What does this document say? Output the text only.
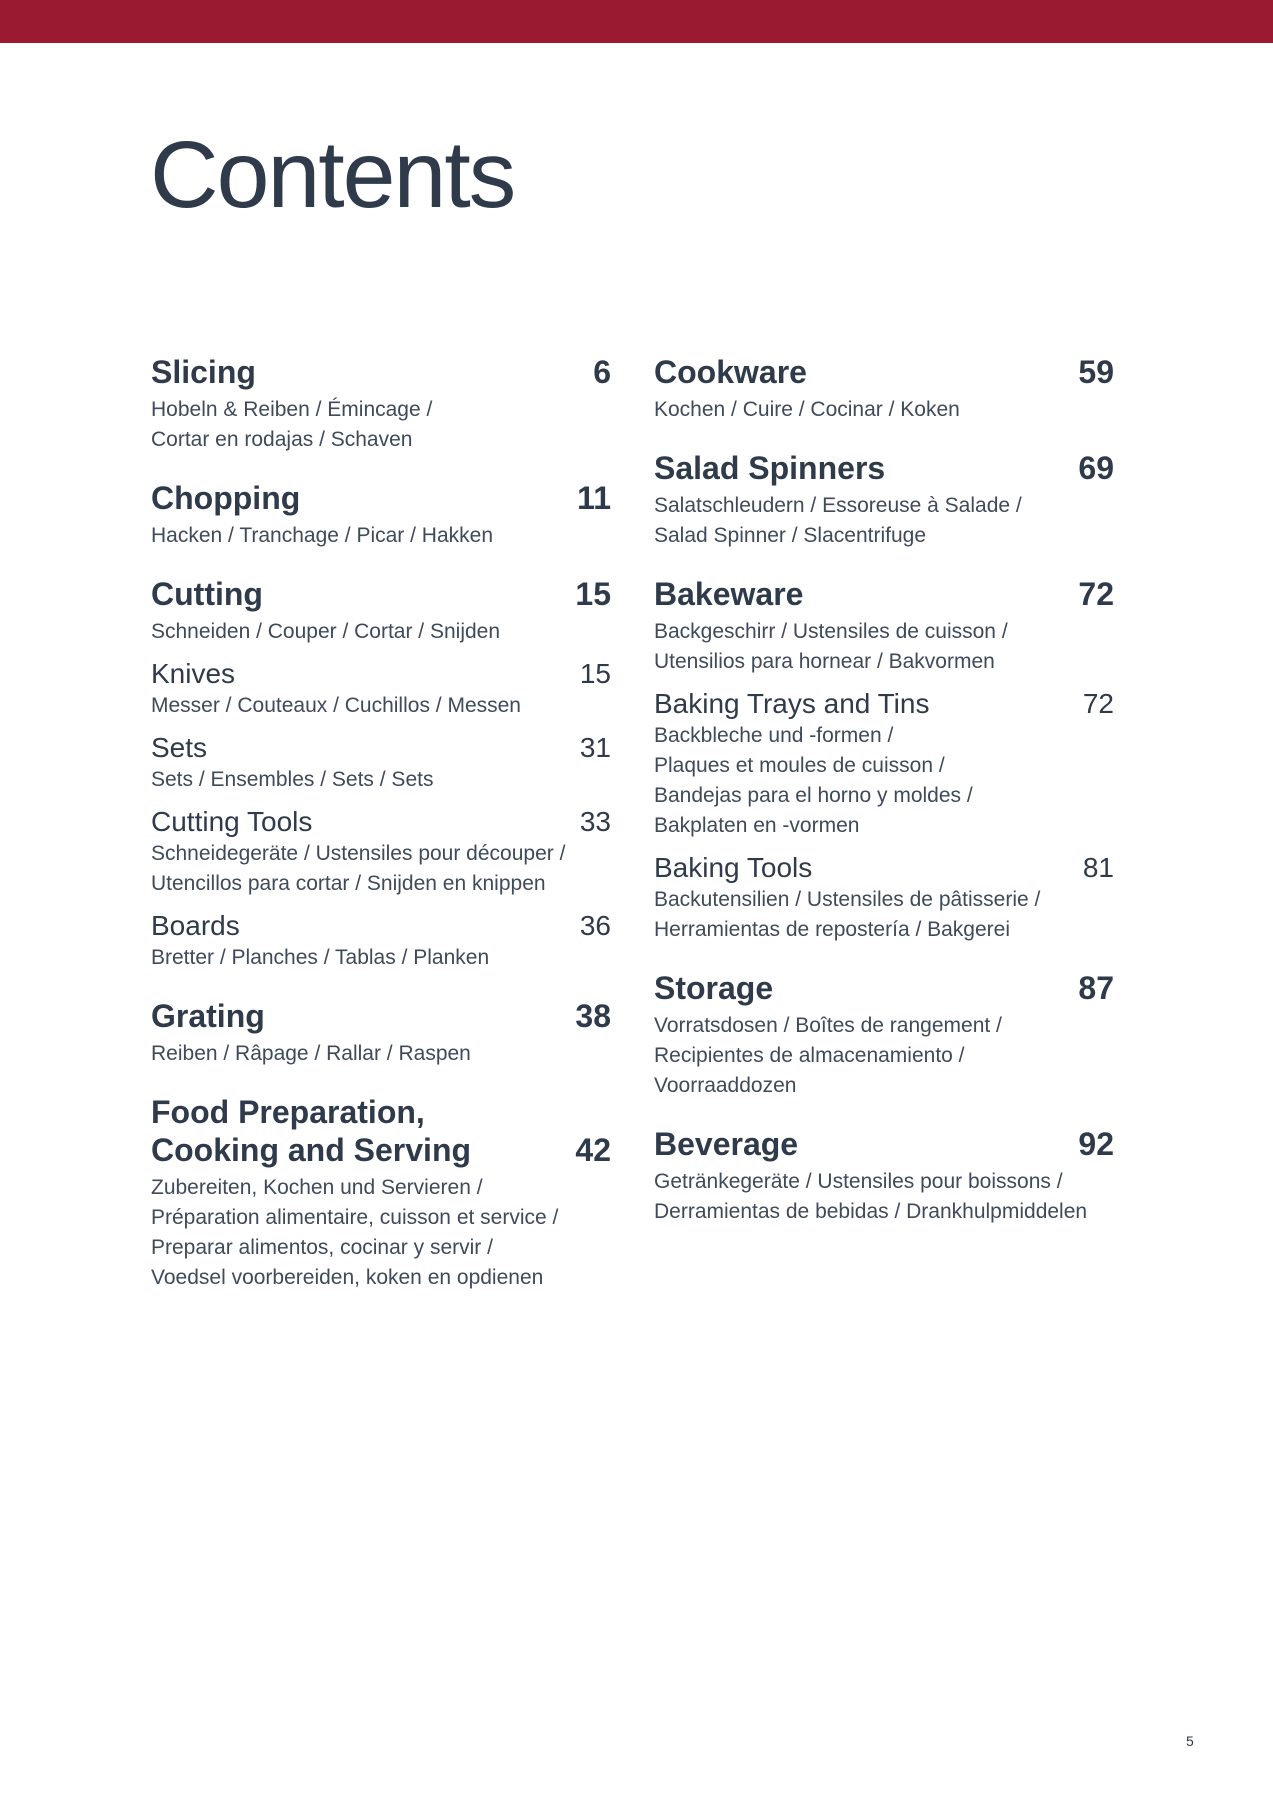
Contents
Slicing	6
Hobeln & Reiben / Émincage /
Cortar en rodajas / Schaven
Chopping	11
Hacken / Tranchage / Picar / Hakken
Cutting	15
Schneiden / Couper / Cortar / Snijden
Knives	15
Messer / Couteaux / Cuchillos / Messen
Sets	31
Sets / Ensembles / Sets / Sets
Cutting Tools	33
Schneidegeräte / Ustensiles pour découper /
Utencillos para cortar / Snijden en knippen
Boards	36
Bretter / Planches / Tablas / Planken
Grating	38
Reiben / Râpage / Rallar / Raspen
Food Preparation,
Cooking and Serving	42
Zubereiten, Kochen und Servieren /
Préparation alimentaire, cuisson et service /
Preparar alimentos, cocinar y servir /
Voedsel voorbereiden, koken en opdienen
Cookware	59
Kochen / Cuire / Cocinar / Koken
Salad Spinners	69
Salatschleudern / Essoreuse à Salade /
Salad Spinner / Slacentrifuge
Bakeware	72
Backgeschirr / Ustensiles de cuisson /
Utensilios para hornear / Bakvormen
Baking Trays and Tins	72
Backbleche und -formen /
Plaques et moules de cuisson /
Bandejas para el horno y moldes /
Bakplaten en -vormen
Baking Tools	81
Backutensilien / Ustensiles de pâtisserie /
Herramientas de repostería / Bakgerei
Storage	87
Vorratsdosen / Boîtes de rangement /
Recipientes de almacenamiento /
Voorraaddozen
Beverage	92
Getränkegeräte / Ustensiles pour boissons /
Derramientas de bebidas / Drankhulpmiddelen
5
